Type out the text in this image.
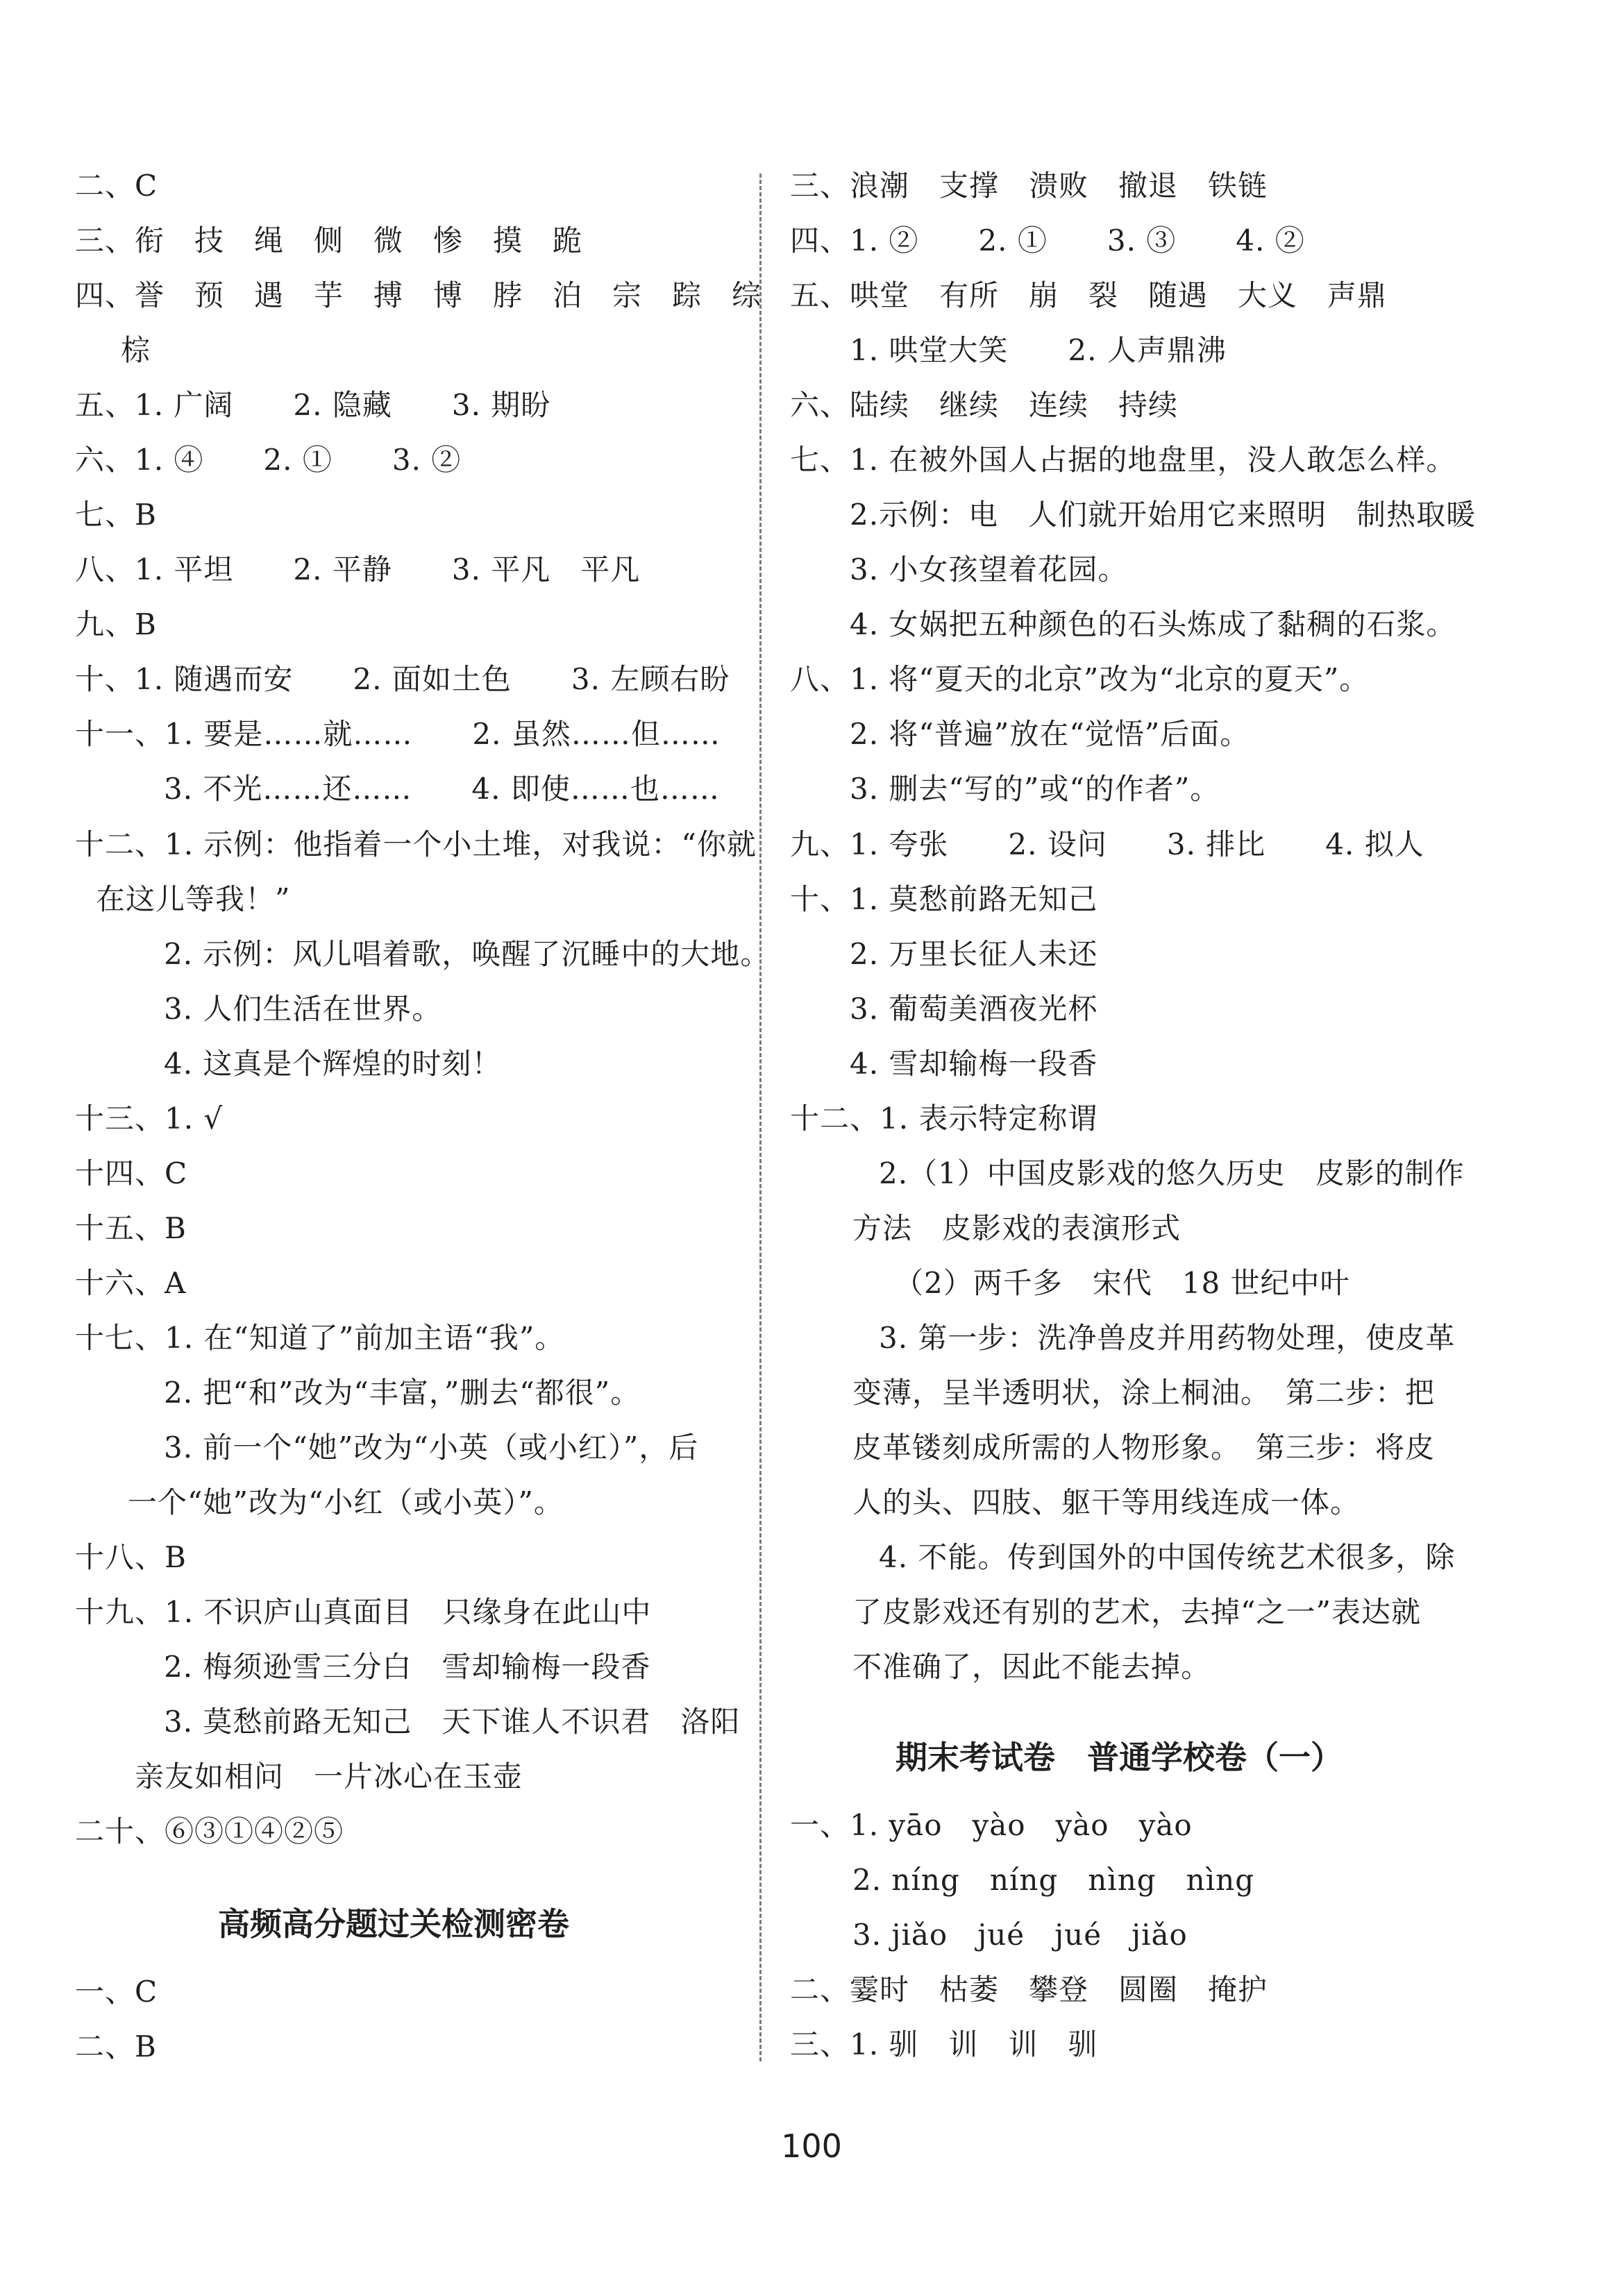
二、C
三、衔　技　绳　侧　微　惨　摸　跪
四、誉　预　遇　芋　搏　博　脖　泊　宗　踪　综
棕
五、1. 广阔　　2. 隐藏　　3. 期盼
六、1. ④　　2. ①　　3. ②
七、B
八、1. 平坦　　2. 平静　　3. 平凡　平凡
九、B
十、1. 随遇而安　　2. 面如土色　　3. 左顾右盼
十一、1. 要是……就……　　2. 虽然……但……
3. 不光……还……　　4. 即使……也……
十二、1. 示例：他指着一个小土堆，对我说：“你就
在这儿等我！”
2. 示例：风儿唱着歌，唤醒了沉睡中的大地。
3. 人们生活在世界。
4. 这真是个辉煌的时刻！
十三、1. √
十四、C
十五、B
十六、A
十七、1. 在“知道了”前加主语“我”。
2. 把“和”改为“丰富，”删去“都很”。
3. 前一个“她”改为“小英（或小红）”，后
一个“她”改为“小红（或小英）”。
十八、B
十九、1. 不识庐山真面目　只缘身在此山中
2. 梅须逊雪三分白　雪却输梅一段香
3. 莫愁前路无知己　天下谁人不识君　洛阳
亲友如相问　一片冰心在玉壶
二十、⑥③①④②⑤
高频高分题过关检测密卷
一、C
二、B
三、浪潮　支撑　溃败　撤退　铁链
四、1. ②　　2. ①　　3. ③　　4. ②
五、哄堂　有所　崩　裂　随遇　大义　声鼎
1. 哄堂大笑　　2. 人声鼎沸
六、陆续　继续　连续　持续
七、1. 在被外国人占据的地盘里，没人敢怎么样。
2.示例：电　人们就开始用它来照明　制热取暖
3. 小女孩望着花园。
4. 女娲把五种颜色的石头炼成了黏稠的石浆。
八、1. 将“夏天的北京”改为“北京的夏天”。
2. 将“普遍”放在“觉悟”后面。
3. 删去“写的”或“的作者”。
九、1. 夸张　　2. 设问　　3. 排比　　4. 拟人
十、1. 莫愁前路无知己
2. 万里长征人未还
3. 葡萄美酒夜光杯
4. 雪却输梅一段香
十二、1. 表示特定称谓
2.（1）中国皮影戏的悠久历史　皮影的制作
方法　皮影戏的表演形式
（2）两千多　宋代　18 世纪中叶
3. 第一步：洗净兽皮并用药物处理，使皮革
变薄，呈半透明状，涂上桐油。　第二步：把
皮革镂刻成所需的人物形象。　第三步：将皮
人的头、四肢、躯干等用线连成一体。
4. 不能。传到国外的中国传统艺术很多，除
了皮影戏还有别的艺术，去掉“之一”表达就
不准确了，因此不能去掉。
期末考试卷　普通学校卷（一）
一、1. yāo　yào　yào　yào
2. níng　níng　nìng　nìng
3. jiǎo　jué　jué　jiǎo
二、霎时　枯萎　攀登　圆圈　掩护
三、1. 驯　训　训　驯
100
